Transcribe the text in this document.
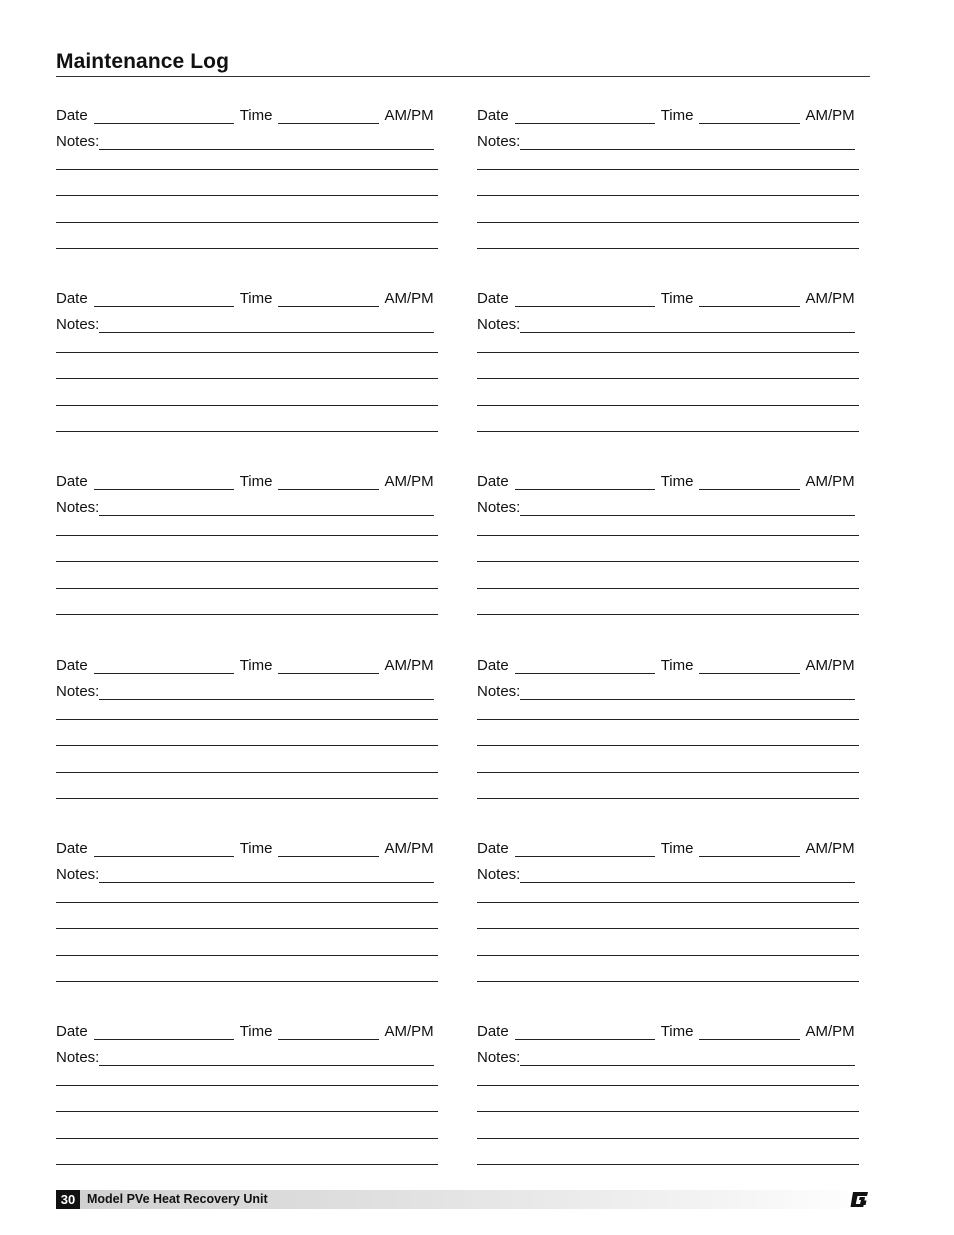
Maintenance Log
Date	Time	AM/PM
Notes:
Date	Time	AM/PM
Notes:
Date	Time	AM/PM
Notes:
Date	Time	AM/PM
Notes:
Date	Time	AM/PM
Notes:
Date	Time	AM/PM
Notes:
Date	Time	AM/PM
Notes:
Date	Time	AM/PM
Notes:
Date	Time	AM/PM
Notes:
Date	Time	AM/PM
Notes:
Date	Time	AM/PM
Notes:
Date	Time	AM/PM
Notes:
30 Model PVe Heat Recovery Unit
